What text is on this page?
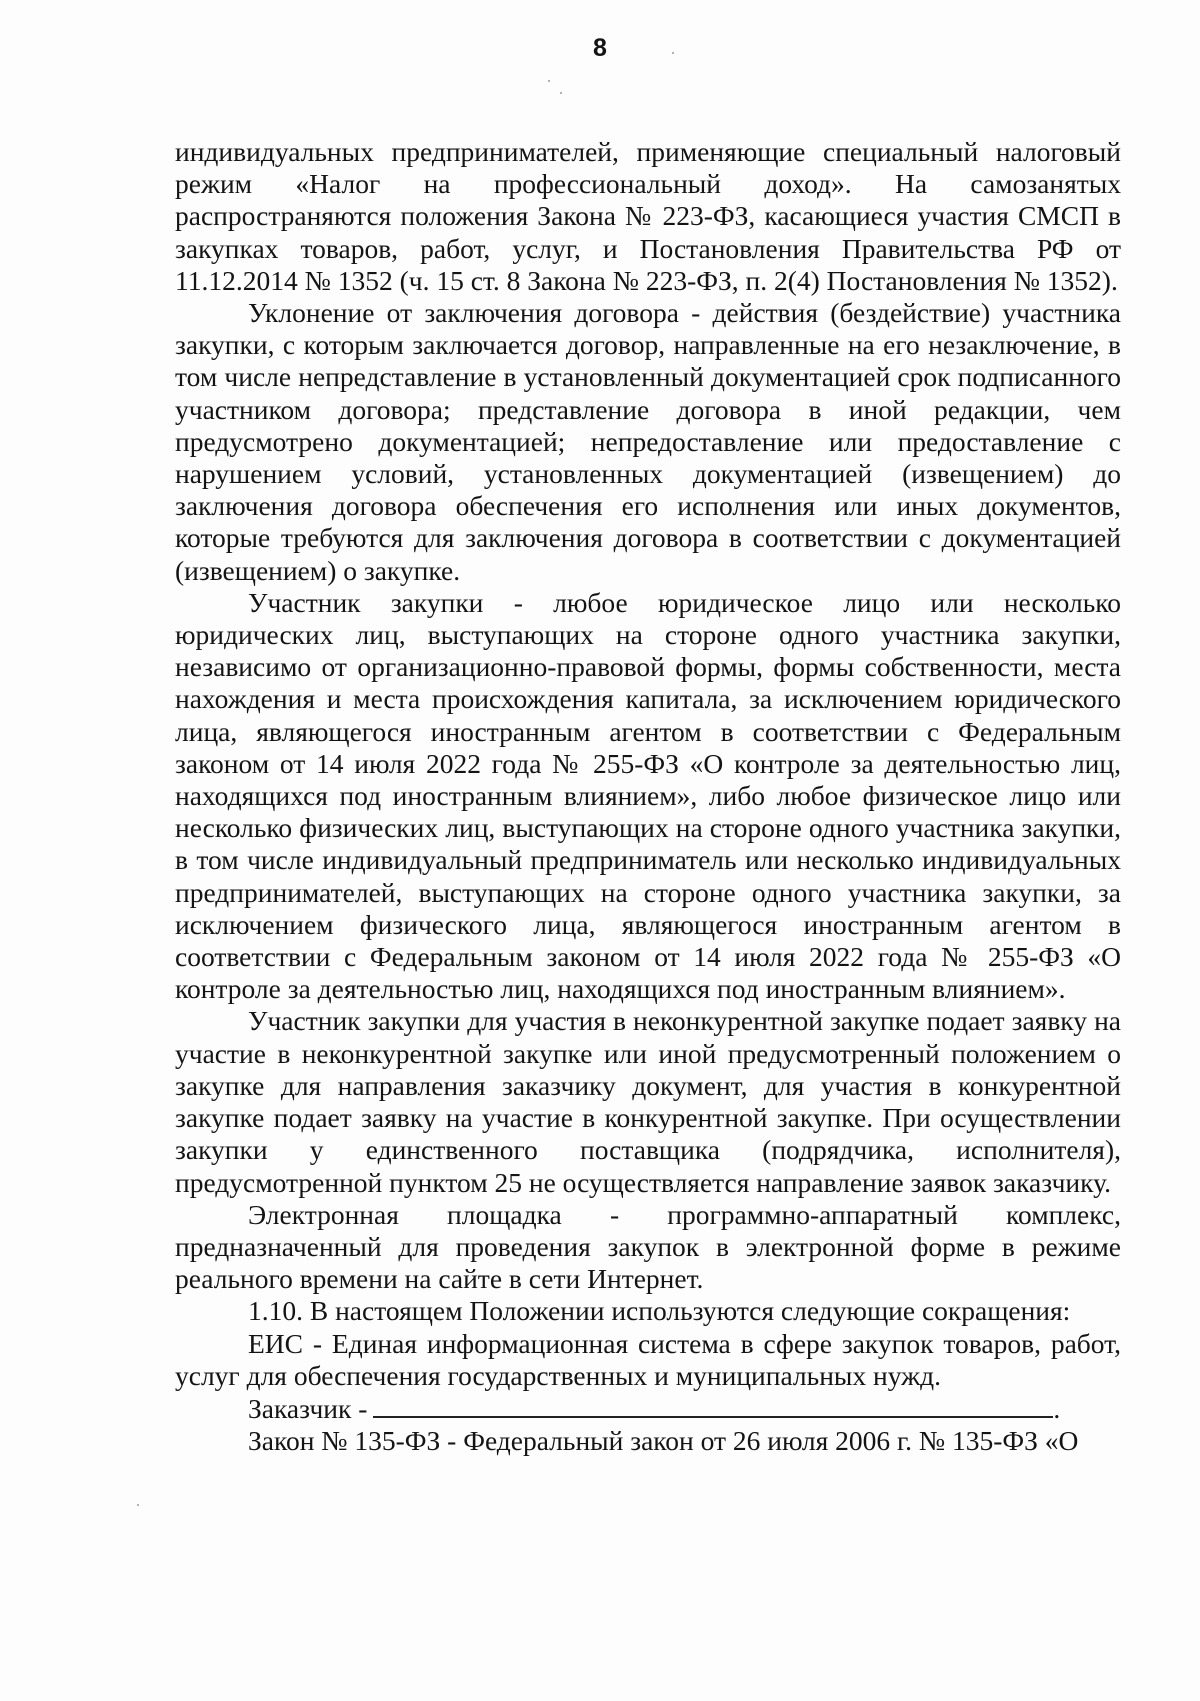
8

индивидуальных предпринимателей, применяющие специальный налоговый режим «Налог на профессиональный доход». На самозанятых распространяются положения Закона № 223-ФЗ, касающиеся участия СМСП в закупках товаров, работ, услуг, и Постановления Правительства РФ от 11.12.2014 № 1352 (ч. 15 ст. 8 Закона № 223-ФЗ, п. 2(4) Постановления № 1352).

Уклонение от заключения договора - действия (бездействие) участника закупки, с которым заключается договор, направленные на его незаключение, в том числе непредставление в установленный документацией срок подписанного участником договора; представление договора в иной редакции, чем предусмотрено документацией; непредоставление или предоставление с нарушением условий, установленных документацией (извещением) до заключения договора обеспечения его исполнения или иных документов, которые требуются для заключения договора в соответствии с документацией (извещением) о закупке.

Участник закупки - любое юридическое лицо или несколько юридических лиц, выступающих на стороне одного участника закупки, независимо от организационно-правовой формы, формы собственности, места нахождения и места происхождения капитала, за исключением юридического лица, являющегося иностранным агентом в соответствии с Федеральным законом от 14 июля 2022 года № 255-ФЗ «О контроле за деятельностью лиц, находящихся под иностранным влиянием», либо любое физическое лицо или несколько физических лиц, выступающих на стороне одного участника закупки, в том числе индивидуальный предприниматель или несколько индивидуальных предпринимателей, выступающих на стороне одного участника закупки, за исключением физического лица, являющегося иностранным агентом в соответствии с Федеральным законом от 14 июля 2022 года № 255-ФЗ «О контроле за деятельностью лиц, находящихся под иностранным влиянием».

Участник закупки для участия в неконкурентной закупке подает заявку на участие в неконкурентной закупке или иной предусмотренный положением о закупке для направления заказчику документ, для участия в конкурентной закупке подает заявку на участие в конкурентной закупке. При осуществлении закупки у единственного поставщика (подрядчика, исполнителя), предусмотренной пунктом 25 не осуществляется направление заявок заказчику.

Электронная площадка - программно-аппаратный комплекс, предназначенный для проведения закупок в электронной форме в режиме реального времени на сайте в сети Интернет.

1.10. В настоящем Положении используются следующие сокращения:

ЕИС - Единая информационная система в сфере закупок товаров, работ, услуг для обеспечения государственных и муниципальных нужд.

Заказчик -	.

Закон № 135-ФЗ - Федеральный закон от 26 июля 2006 г. № 135-ФЗ «О
